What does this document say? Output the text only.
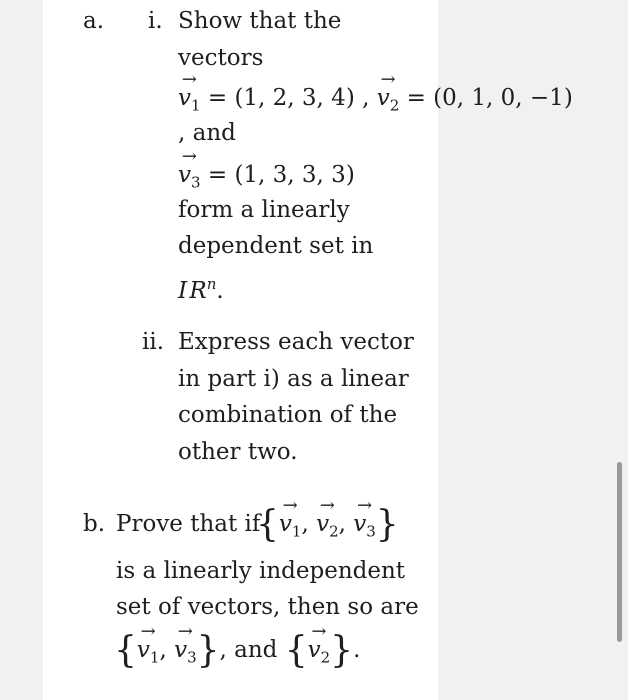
a. i. Show that the
vectors
→ $v_1 = (1$, 2, 3, 4) , → $v_2 = (0$, 1, 0, −1)
, and
→ $v_3 = (1$, 3, 3, 3)
form a linearly
dependent set in
I $R^n$.
ii. Express each vector
in part i) as a linear
combination of the
other two.
b. Prove that if
{→ $v_1$, → $v_2$, → $v_3$}
is a linearly independent
set of vectors, then so are
{→ $v_1$, → $v_3$}, and {→ $v_2$}.
